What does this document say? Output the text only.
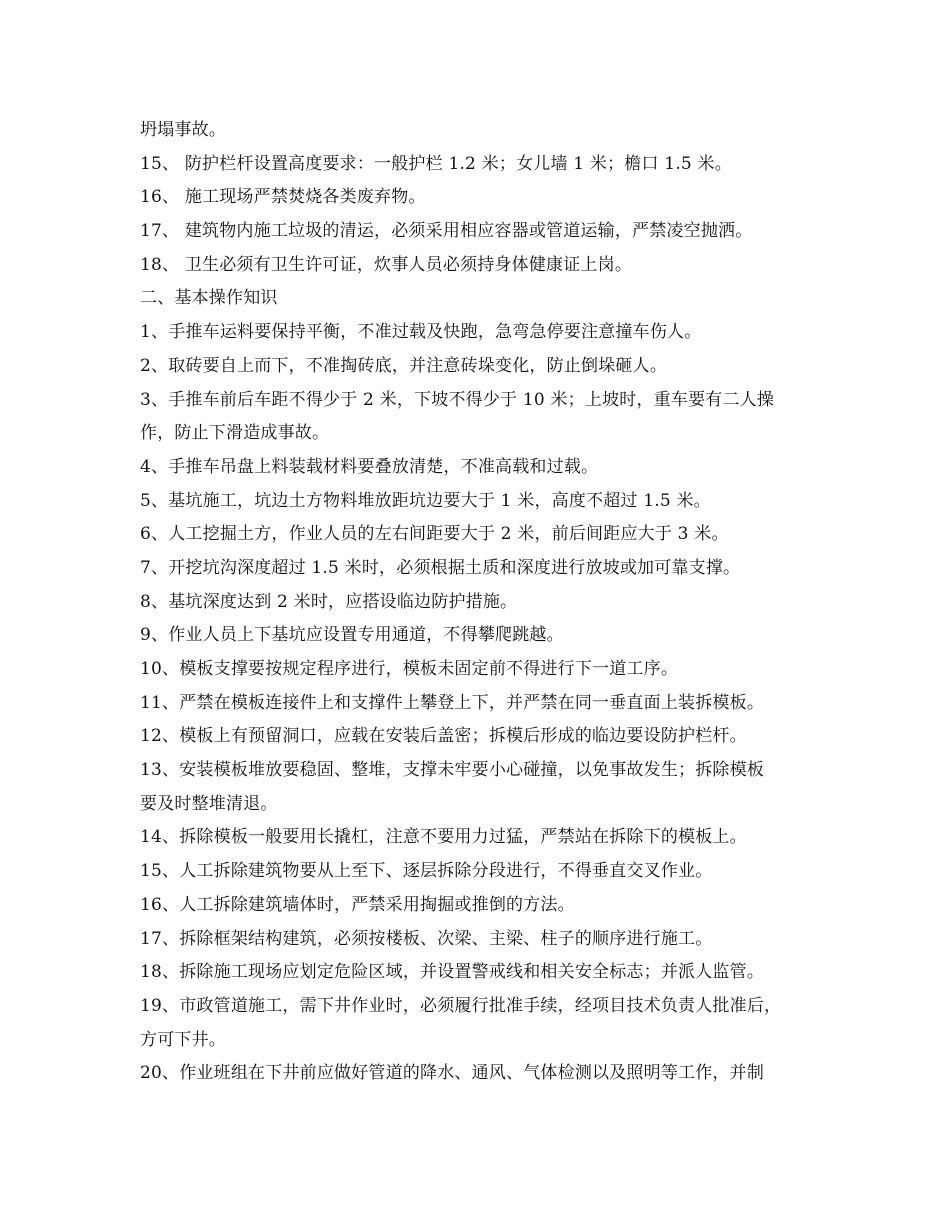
坍塌事故。
15、 防护栏杆设置高度要求：一般护栏 1.2 米；女儿墙 1 米；檐口 1.5 米。
16、 施工现场严禁焚烧各类废弃物。
17、 建筑物内施工垃圾的清运，必须采用相应容器或管道运输，严禁凌空抛洒。
18、 卫生必须有卫生许可证，炊事人员必须持身体健康证上岗。
二、基本操作知识
1、手推车运料要保持平衡，不准过载及快跑，急弯急停要注意撞车伤人。
2、取砖要自上而下，不准掏砖底，并注意砖垛变化，防止倒垛砸人。
3、手推车前后车距不得少于 2 米，下坡不得少于 10 米；上坡时，重车要有二人操
作，防止下滑造成事故。
4、手推车吊盘上料装载材料要叠放清楚，不准高载和过载。
5、基坑施工，坑边土方物料堆放距坑边要大于 1 米，高度不超过 1.5 米。
6、人工挖掘土方，作业人员的左右间距要大于 2 米，前后间距应大于 3 米。
7、开挖坑沟深度超过 1.5 米时，必须根据土质和深度进行放坡或加可靠支撑。
8、基坑深度达到 2 米时，应搭设临边防护措施。
9、作业人员上下基坑应设置专用通道，不得攀爬跳越。
10、模板支撑要按规定程序进行，模板未固定前不得进行下一道工序。
11、严禁在模板连接件上和支撑件上攀登上下，并严禁在同一垂直面上装拆模板。
12、模板上有预留洞口，应载在安装后盖密；拆模后形成的临边要设防护栏杆。
13、安装模板堆放要稳固、整堆，支撑未牢要小心碰撞，以免事故发生；拆除模板
要及时整堆清退。
14、拆除模板一般要用长撬杠，注意不要用力过猛，严禁站在拆除下的模板上。
15、人工拆除建筑物要从上至下、逐层拆除分段进行，不得垂直交叉作业。
16、人工拆除建筑墙体时，严禁采用掏掘或推倒的方法。
17、拆除框架结构建筑，必须按楼板、次梁、主梁、柱子的顺序进行施工。
18、拆除施工现场应划定危险区域，并设置警戒线和相关安全标志；并派人监管。
19、市政管道施工，需下井作业时，必须履行批准手续，经项目技术负责人批准后，
方可下井。
20、作业班组在下井前应做好管道的降水、通风、气体检测以及照明等工作，并制
